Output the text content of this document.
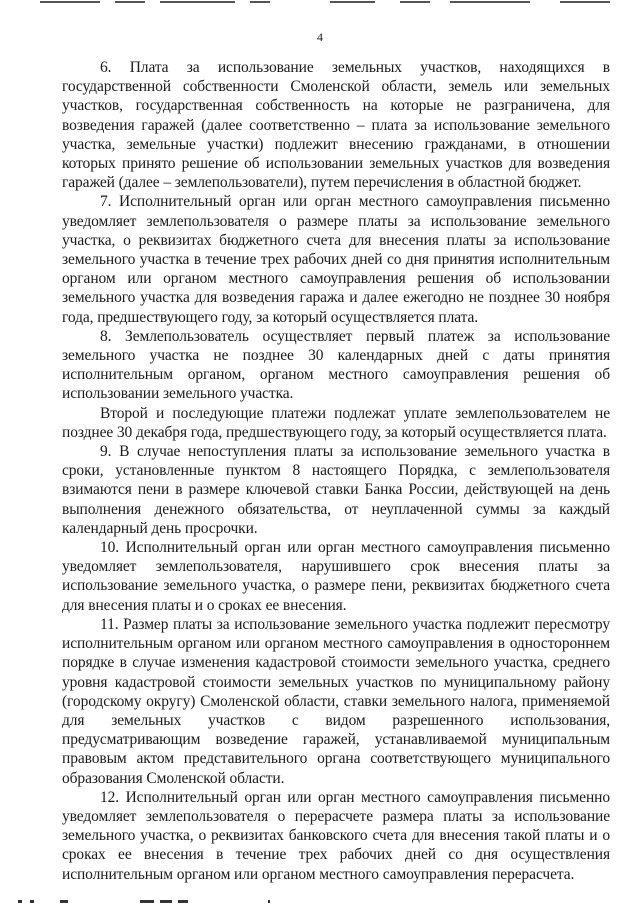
4

6. Плата за использование земельных участков, находящихся в государственной собственности Смоленской области, земель или земельных участков, государственная собственность на которые не разграничена, для возведения гаражей (далее соответственно – плата за использование земельного участка, земельные участки) подлежит внесению гражданами, в отношении которых принято решение об использовании земельных участков для возведения гаражей (далее – землепользователи), путем перечисления в областной бюджет.

7. Исполнительный орган или орган местного самоуправления письменно уведомляет землепользователя о размере платы за использование земельного участка, о реквизитах бюджетного счета для внесения платы за использование земельного участка в течение трех рабочих дней со дня принятия исполнительным органом или органом местного самоуправления решения об использовании земельного участка для возведения гаража и далее ежегодно не позднее 30 ноября года, предшествующего году, за который осуществляется плата.

8. Землепользователь осуществляет первый платеж за использование земельного участка не позднее 30 календарных дней с даты принятия исполнительным органом, органом местного самоуправления решения об использовании земельного участка.

Второй и последующие платежи подлежат уплате землепользователем не позднее 30 декабря года, предшествующего году, за который осуществляется плата.

9. В случае непоступления платы за использование земельного участка в сроки, установленные пунктом 8 настоящего Порядка, с землепользователя взимаются пени в размере ключевой ставки Банка России, действующей на день выполнения денежного обязательства, от неуплаченной суммы за каждый календарный день просрочки.

10. Исполнительный орган или орган местного самоуправления письменно уведомляет землепользователя, нарушившего срок внесения платы за использование земельного участка, о размере пени, реквизитах бюджетного счета для внесения платы и о сроках ее внесения.

11. Размер платы за использование земельного участка подлежит пересмотру исполнительным органом или органом местного самоуправления в одностороннем порядке в случае изменения кадастровой стоимости земельного участка, среднего уровня кадастровой стоимости земельных участков по муниципальному району (городскому округу) Смоленской области, ставки земельного налога, применяемой для земельных участков с видом разрешенного использования, предусматривающим возведение гаражей, устанавливаемой муниципальным правовым актом представительного органа соответствующего муниципального образования Смоленской области.

12. Исполнительный орган или орган местного самоуправления письменно уведомляет землепользователя о перерасчете размера платы за использование земельного участка, о реквизитах банковского счета для внесения такой платы и о сроках ее внесения в течение трех рабочих дней со дня осуществления исполнительным органом или органом местного самоуправления перерасчета.
